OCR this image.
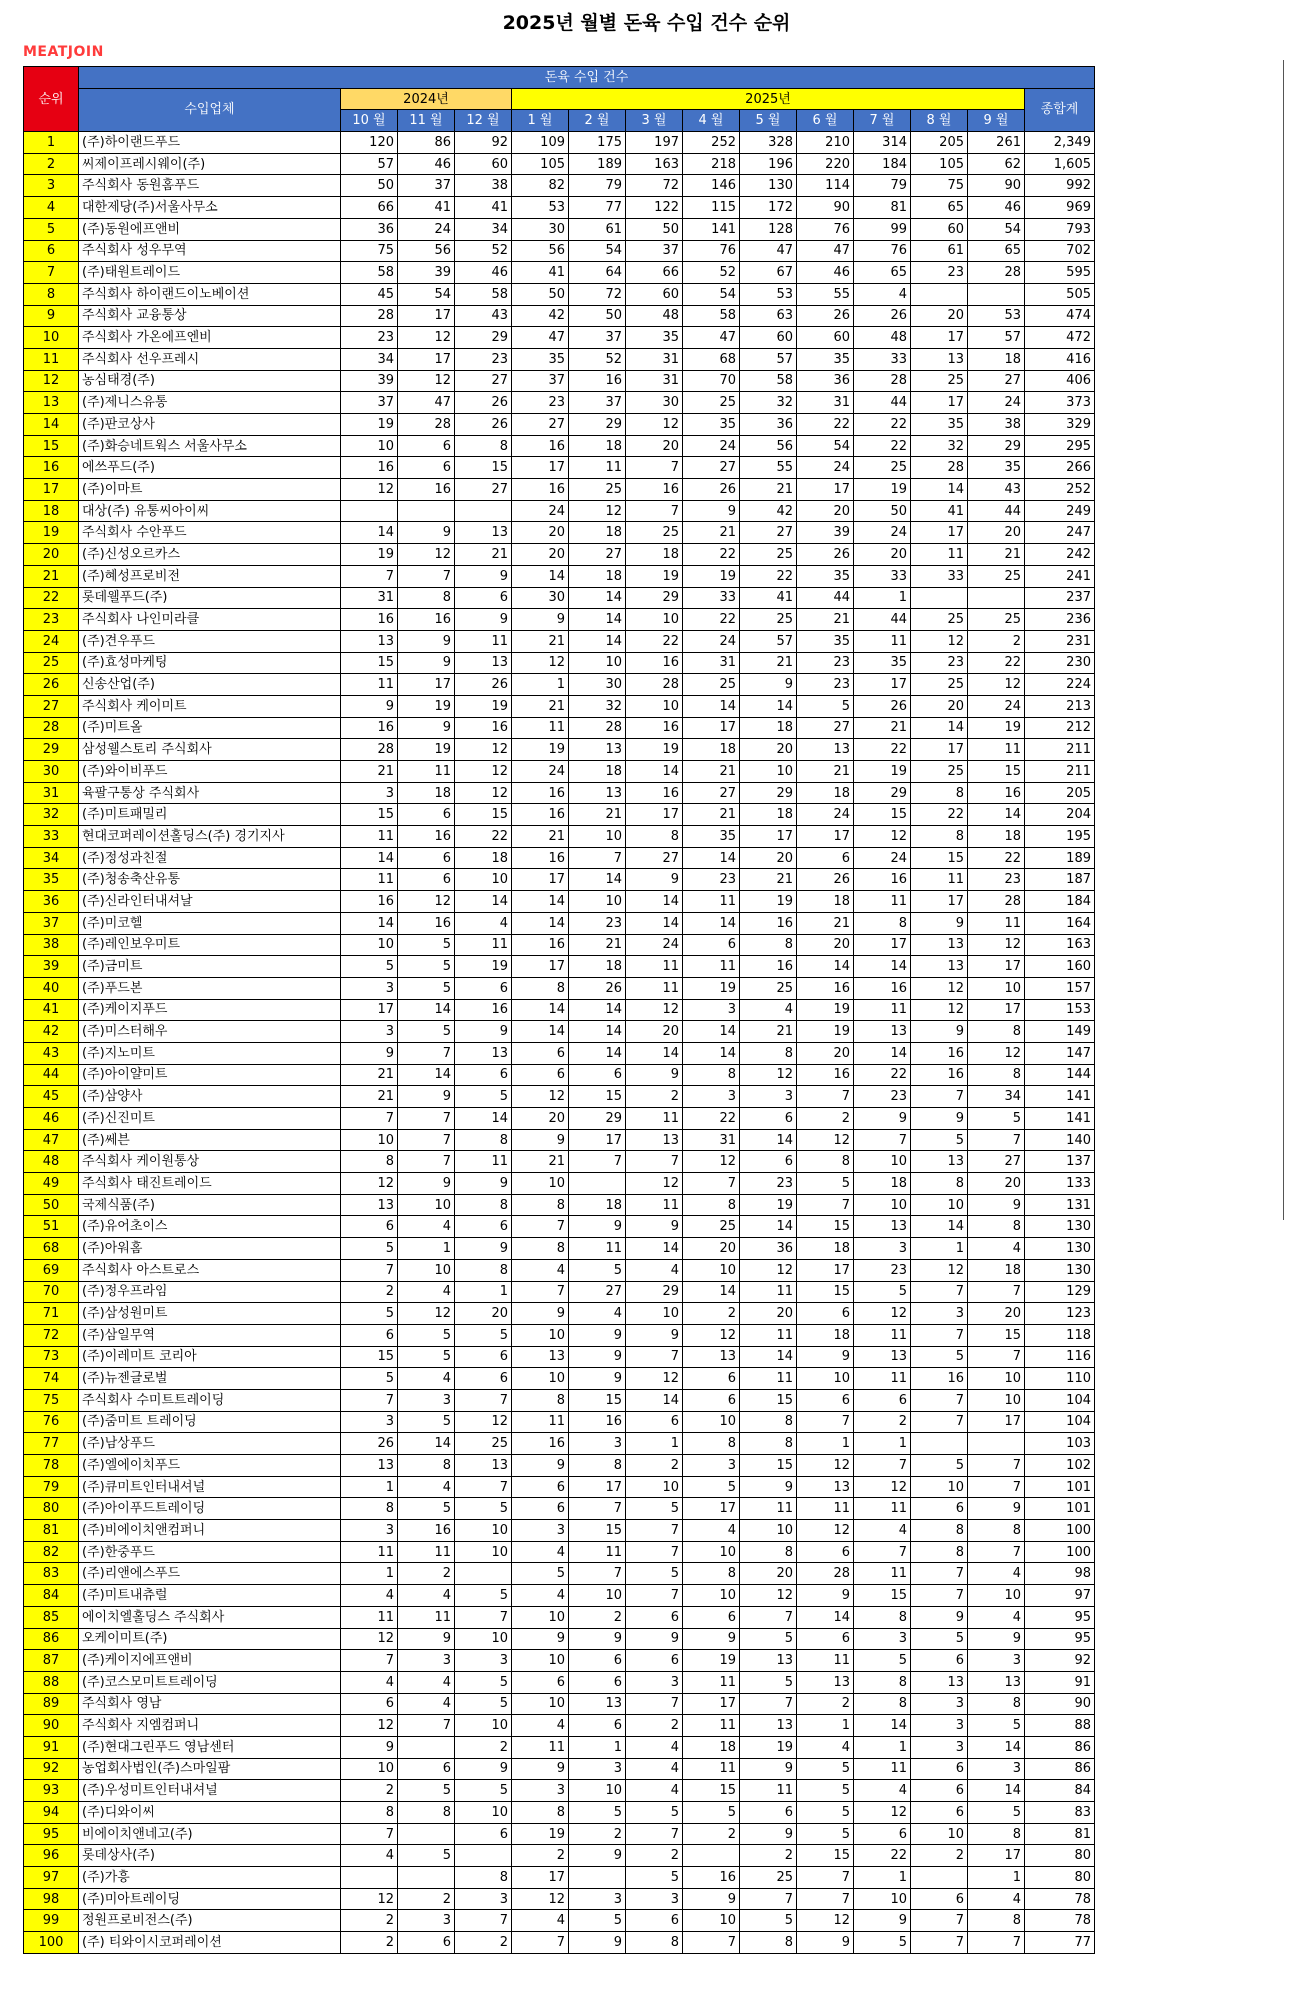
2025년 월별 돈육 수입 건수 순위
MEATJOIN
순위	돈육 수입 건수													
	수입업체	2024년			2025년									종합계
		10 월	11 월	12 월	1 월	2 월	3 월	4 월	5 월	6 월	7 월	8 월	9 월	
1	(주)하이랜드푸드	120	86	92	109	175	197	252	328	210	314	205	261	2,349
2	씨제이프레시웨이(주)	57	46	60	105	189	163	218	196	220	184	105	62	1,605
3	주식회사 동원홈푸드	50	37	38	82	79	72	146	130	114	79	75	90	992
4	대한제당(주)서울사무소	66	41	41	53	77	122	115	172	90	81	65	46	969
5	(주)동원에프앤비	36	24	34	30	61	50	141	128	76	99	60	54	793
6	주식회사 성우무역	75	56	52	56	54	37	76	47	47	76	61	65	702
7	(주)태원트레이드	58	39	46	41	64	66	52	67	46	65	23	28	595
8	주식회사 하이랜드이노베이션	45	54	58	50	72	60	54	53	55	4			505
9	주식회사 교융통상	28	17	43	42	50	48	58	63	26	26	20	53	474
10	주식회사 가온에프엔비	23	12	29	47	37	35	47	60	60	48	17	57	472
11	주식회사 선우프레시	34	17	23	35	52	31	68	57	35	33	13	18	416
12	농심태경(주)	39	12	27	37	16	31	70	58	36	28	25	27	406
13	(주)제니스유통	37	47	26	23	37	30	25	32	31	44	17	24	373
14	(주)판코상사	19	28	26	27	29	12	35	36	22	22	35	38	329
15	(주)화승네트웍스 서울사무소	10	6	8	16	18	20	24	56	54	22	32	29	295
16	에쓰푸드(주)	16	6	15	17	11	7	27	55	24	25	28	35	266
17	(주)이마트	12	16	27	16	25	16	26	21	17	19	14	43	252
18	대상(주) 유통씨아이씨				24	12	7	9	42	20	50	41	44	249
19	주식회사 수안푸드	14	9	13	20	18	25	21	27	39	24	17	20	247
20	(주)신성오르카스	19	12	21	20	27	18	22	25	26	20	11	21	242
21	(주)혜성프로비전	7	7	9	14	18	19	19	22	35	33	33	25	241
22	롯데웰푸드(주)	31	8	6	30	14	29	33	41	44	1			237
23	주식회사 나인미라클	16	16	9	9	14	10	22	25	21	44	25	25	236
24	(주)견우푸드	13	9	11	21	14	22	24	57	35	11	12	2	231
25	(주)효성마케팅	15	9	13	12	10	16	31	21	23	35	23	22	230
26	신송산업(주)	11	17	26	1	30	28	25	9	23	17	25	12	224
27	주식회사 케이미트	9	19	19	21	32	10	14	14	5	26	20	24	213
28	(주)미트올	16	9	16	11	28	16	17	18	27	21	14	19	212
29	삼성웰스토리 주식회사	28	19	12	19	13	19	18	20	13	22	17	11	211
30	(주)와이비푸드	21	11	12	24	18	14	21	10	21	19	25	15	211
31	육팔구통상 주식회사	3	18	12	16	13	16	27	29	18	29	8	16	205
32	(주)미트패밀리	15	6	15	16	21	17	21	18	24	15	22	14	204
33	현대코퍼레이션홀딩스(주) 경기지사	11	16	22	21	10	8	35	17	17	12	8	18	195
34	(주)정성과친절	14	6	18	16	7	27	14	20	6	24	15	22	189
35	(주)청송축산유통	11	6	10	17	14	9	23	21	26	16	11	23	187
36	(주)신라인터내셔날	16	12	14	14	10	14	11	19	18	11	17	28	184
37	(주)미코헬	14	16	4	14	23	14	14	16	21	8	9	11	164
38	(주)레인보우미트	10	5	11	16	21	24	6	8	20	17	13	12	163
39	(주)금미트	5	5	19	17	18	11	11	16	14	14	13	17	160
40	(주)푸드본	3	5	6	8	26	11	19	25	16	16	12	10	157
41	(주)케이지푸드	17	14	16	14	14	12	3	4	19	11	12	17	153
42	(주)미스터해우	3	5	9	14	14	20	14	21	19	13	9	8	149
43	(주)지노미트	9	7	13	6	14	14	14	8	20	14	16	12	147
44	(주)아이얄미트	21	14	6	6	6	9	8	12	16	22	16	8	144
45	(주)삼양사	21	9	5	12	15	2	3	3	7	23	7	34	141
46	(주)신진미트	7	7	14	20	29	11	22	6	2	9	9	5	141
47	(주)쎄븐	10	7	8	9	17	13	31	14	12	7	5	7	140
48	주식회사 케이원통상	8	7	11	21	7	7	12	6	8	10	13	27	137
49	주식회사 태진트레이드	12	9	9	10		12	7	23	5	18	8	20	133
50	국제식품(주)	13	10	8	8	18	11	8	19	7	10	10	9	131
51	(주)유어초이스	6	4	6	7	9	9	25	14	15	13	14	8	130
68	(주)아워홈	5	1	9	8	11	14	20	36	18	3	1	4	130
69	주식회사 아스트로스	7	10	8	4	5	4	10	12	17	23	12	18	130
70	(주)정우프라임	2	4	1	7	27	29	14	11	15	5	7	7	129
71	(주)삼성원미트	5	12	20	9	4	10	2	20	6	12	3	20	123
72	(주)삼일무역	6	5	5	10	9	9	12	11	18	11	7	15	118
73	(주)이레미트 코리아	15	5	6	13	9	7	13	14	9	13	5	7	116
74	(주)뉴젠글로벌	5	4	6	10	9	12	6	11	10	11	16	10	110
75	주식회사 수미트트레이딩	7	3	7	8	15	14	6	15	6	6	7	10	104
76	(주)줌미트 트레이딩	3	5	12	11	16	6	10	8	7	2	7	17	104
77	(주)남상푸드	26	14	25	16	3	1	8	8	1	1			103
78	(주)엘에이치푸드	13	8	13	9	8	2	3	15	12	7	5	7	102
79	(주)큐미트인터내셔널	1	4	7	6	17	10	5	9	13	12	10	7	101
80	(주)아이푸드트레이딩	8	5	5	6	7	5	17	11	11	11	6	9	101
81	(주)비에이치앤컴퍼니	3	16	10	3	15	7	4	10	12	4	8	8	100
82	(주)한중푸드	11	11	10	4	11	7	10	8	6	7	8	7	100
83	(주)리앤에스푸드	1	2		5	7	5	8	20	28	11	7	4	98
84	(주)미트내츄럴	4	4	5	4	10	7	10	12	9	15	7	10	97
85	에이치엘홀딩스 주식회사	11	11	7	10	2	6	6	7	14	8	9	4	95
86	오케이미트(주)	12	9	10	9	9	9	9	5	6	3	5	9	95
87	(주)케이지에프앤비	7	3	3	10	6	6	19	13	11	5	6	3	92
88	(주)코스모미트트레이딩	4	4	5	6	6	3	11	5	13	8	13	13	91
89	주식회사 영남	6	4	5	10	13	7	17	7	2	8	3	8	90
90	주식회사 지엠컴퍼니	12	7	10	4	6	2	11	13	1	14	3	5	88
91	(주)현대그린푸드 영남센터	9		2	11	1	4	18	19	4	1	3	14	86
92	농업회사법인(주)스마일팜	10	6	9	9	3	4	11	9	5	11	6	3	86
93	(주)우성미트인터내셔널	2	5	5	3	10	4	15	11	5	4	6	14	84
94	(주)디와이씨	8	8	10	8	5	5	5	6	5	12	6	5	83
95	비에이치앤네고(주)	7		6	19	2	7	2	9	5	6	10	8	81
96	롯데상사(주)	4	5		2	9	2		2	15	22	2	17	80
97	(주)가흥			8	17		5	16	25	7	1		1	80
98	(주)미아트레이딩	12	2	3	12	3	3	9	7	7	10	6	4	78
99	정원프로비전스(주)	2	3	7	4	5	6	10	5	12	9	7	8	78
100	(주) 티와이시코퍼레이션	2	6	2	7	9	8	7	8	9	5	7	7	77
